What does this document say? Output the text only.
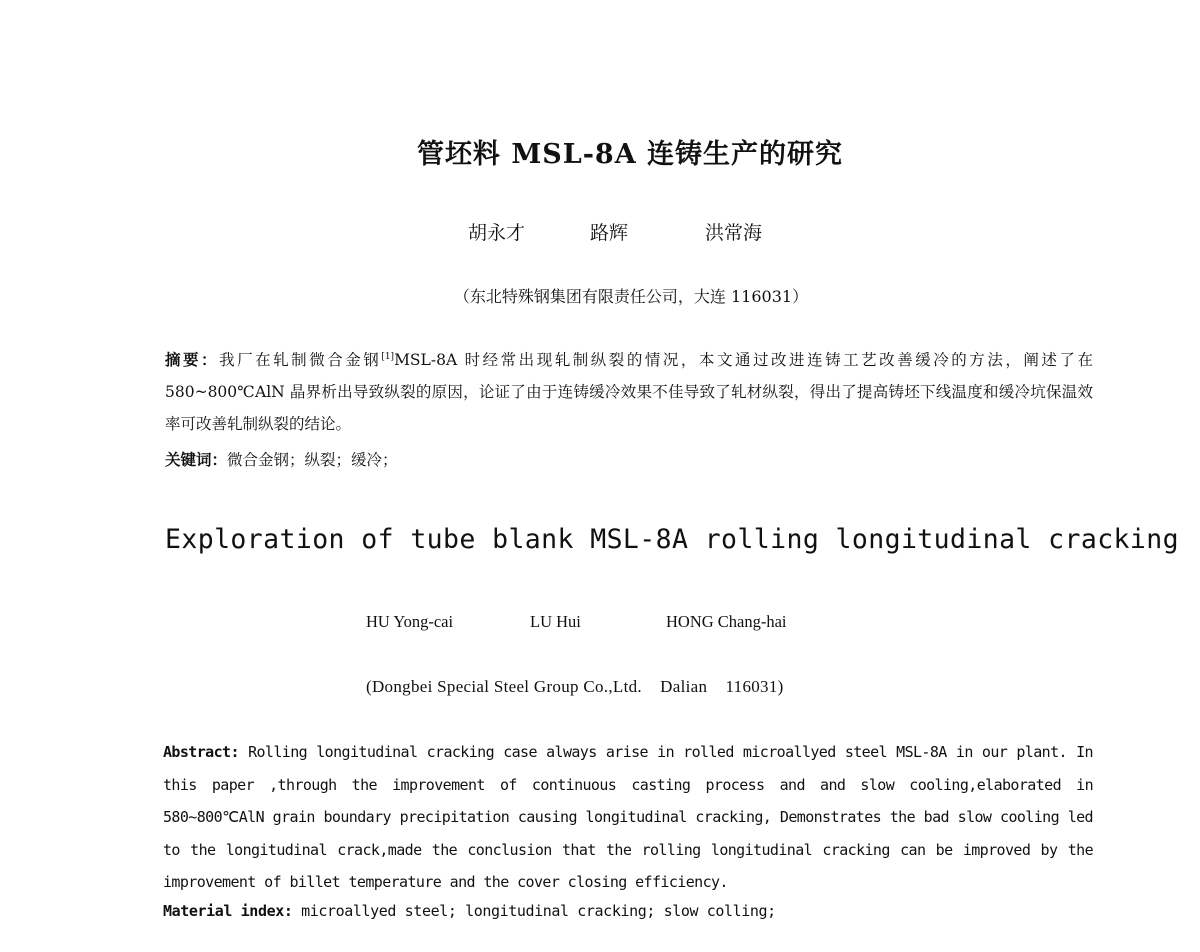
管坯料 MSL-8A 连铸生产的研究
胡永才	路辉	洪常海
（东北特殊钢集团有限责任公司，大连 116031）
摘要：我厂在轧制微合金钢[1]MSL-8A 时经常出现轧制纵裂的情况，本文通过改进连铸工艺改善缓冷的方法，阐述了在 580~800℃AlN 晶界析出导致纵裂的原因，论证了由于连铸缓冷效果不佳导致了轧材纵裂，得出了提高铸坯下线温度和缓冷坑保温效率可改善轧制纵裂的结论。
关键词：微合金钢；纵裂；缓冷；
Exploration of tube blank MSL-8A rolling longitudinal cracking
HU Yong-cai	LU Hui	HONG Chang-hai
(Dongbei Special Steel Group Co.,Ltd.    Dalian    116031)
Abstract: Rolling longitudinal cracking case always arise in rolled microallyed steel MSL-8A in our plant. In this paper ,through the improvement of continuous casting process and and slow cooling,elaborated in 580~800℃AlN grain boundary precipitation causing longitudinal cracking, Demonstrates the bad slow cooling led to the longitudinal crack,made the conclusion that the rolling longitudinal cracking can be improved by the improvement of billet temperature and the cover closing efficiency.
Material index: microallyed steel; longitudinal cracking; slow colling;
